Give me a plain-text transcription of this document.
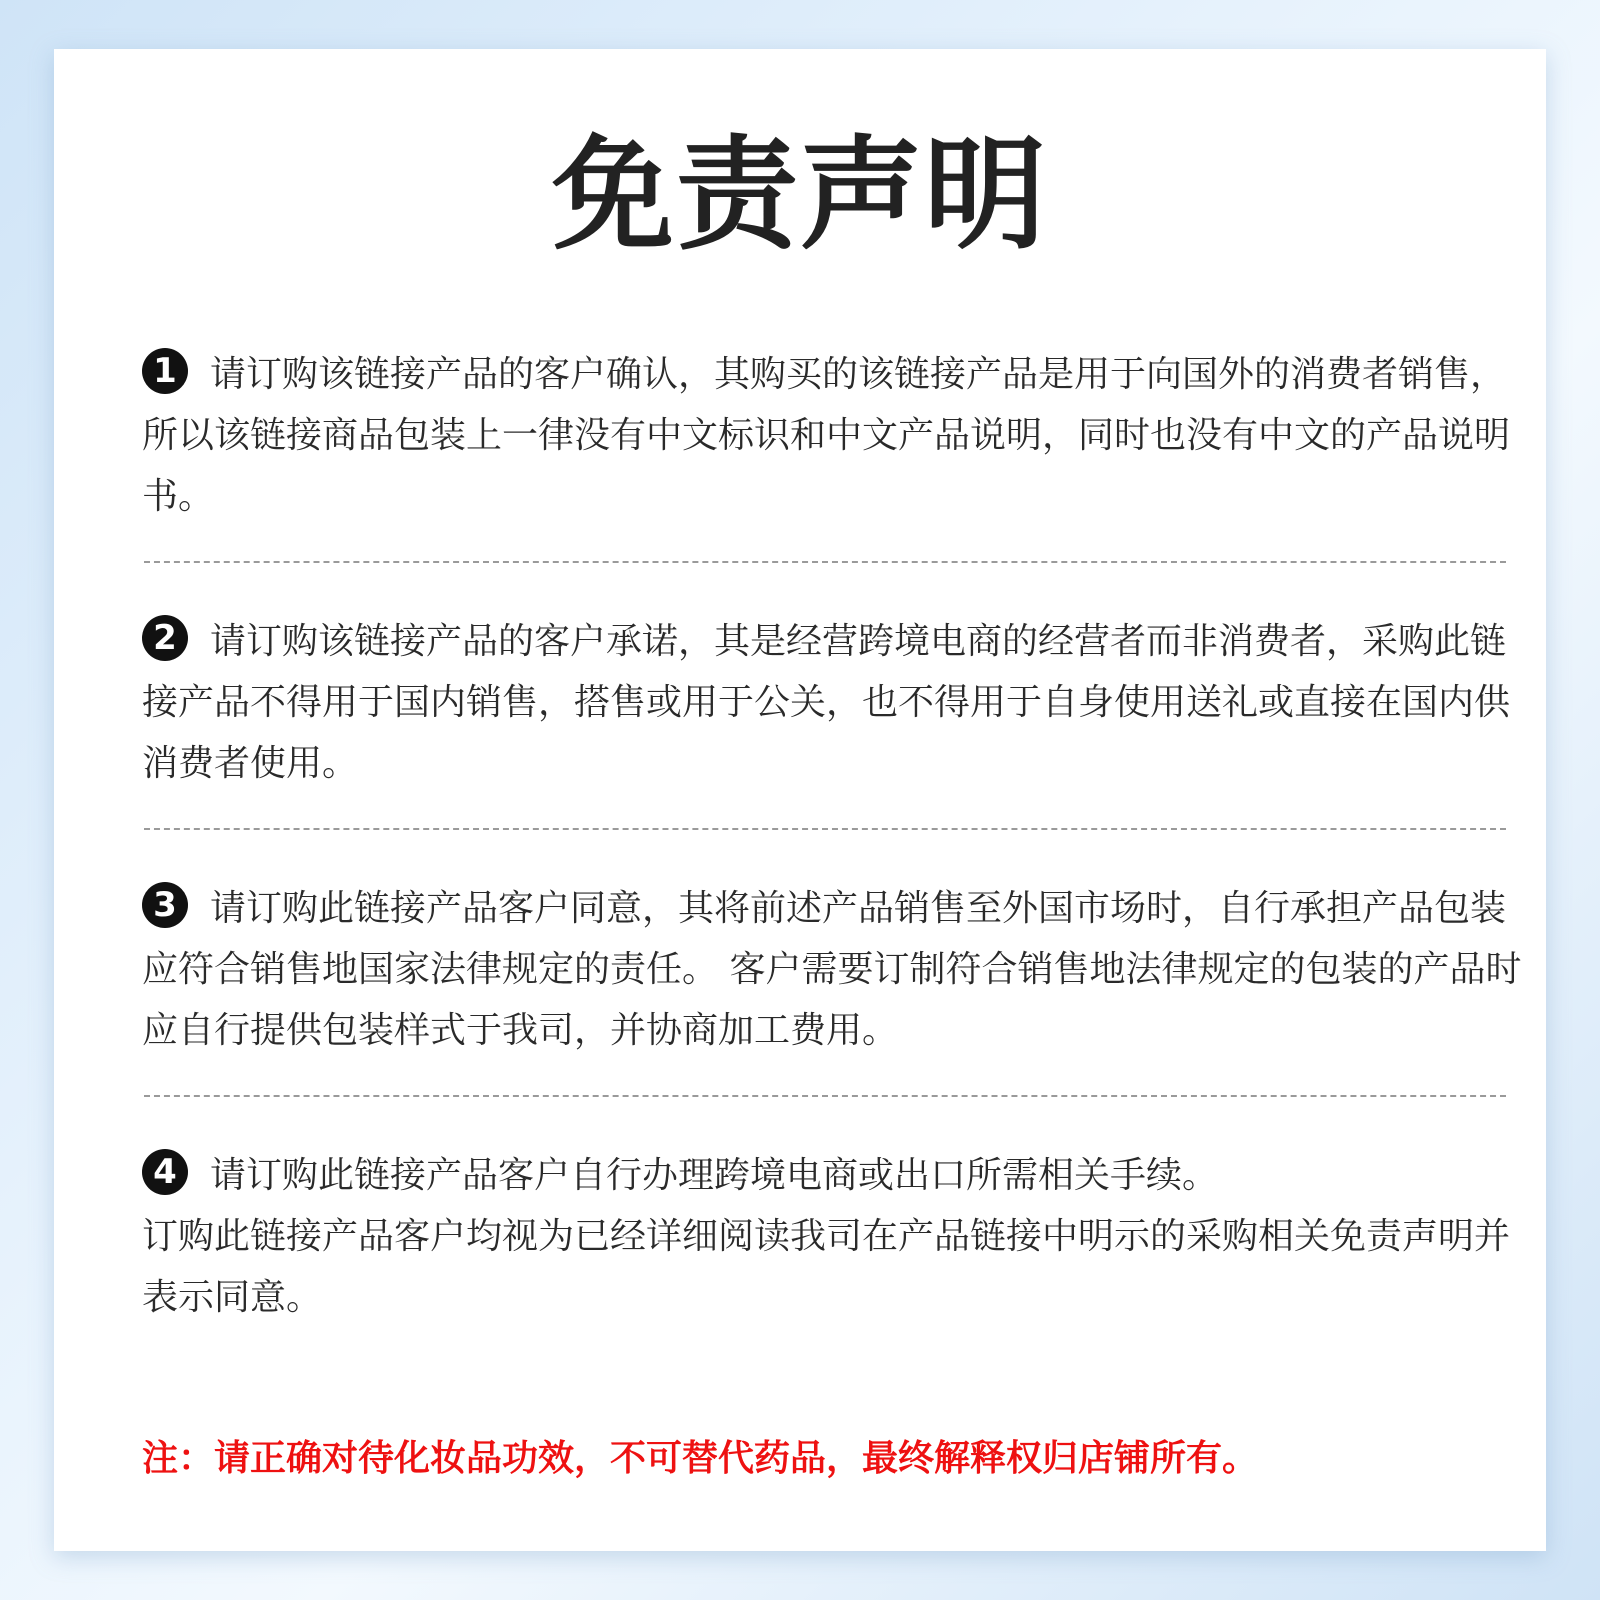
免责声明
1 请订购该链接产品的客户确认，其购买的该链接产品是用于向国外的消费者销售，所以该链接商品包装上一律没有中文标识和中文产品说明，同时也没有中文的产品说明书。
2 请订购该链接产品的客户承诺，其是经营跨境电商的经营者而非消费者，采购此链接产品不得用于国内销售，搭售或用于公关，也不得用于自身使用送礼或直接在国内供消费者使用。
3 请订购此链接产品客户同意，其将前述产品销售至外国市场时，自行承担产品包装应符合销售地国家法律规定的责任。 客户需要订制符合销售地法律规定的包装的产品时应自行提供包装样式于我司，并协商加工费用。
4 请订购此链接产品客户自行办理跨境电商或出口所需相关手续。
订购此链接产品客户均视为已经详细阅读我司在产品链接中明示的采购相关免责声明并表示同意。
注：请正确对待化妆品功效，不可替代药品，最终解释权归店铺所有。
